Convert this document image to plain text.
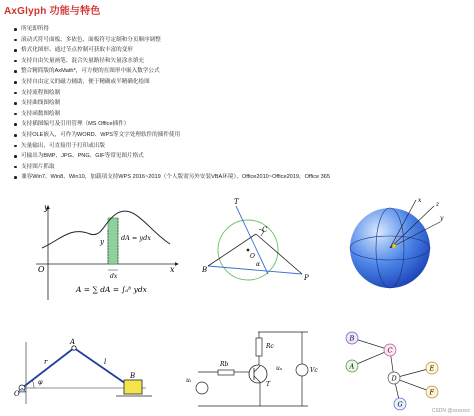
AxGlyph 功能与特色
所见即所得
滚动式符号面板、多依色、面板符号定制和分页顺序调整
格式化图形、通过节点控制可获取丰富的变形
支持自由矢量画笔、混合矢量路径和矢量涂水填充
整合精简版的AxMath*，可方便的在图形中嵌入数学公式
支持自由定义的磁力辅助，便于精确或半精确化绘图
支持流程图绘制
支持曲线图绘制
支持函数图绘制
支持插图编号及引用管理（MS Office插件）
支持OLE嵌入，可作为WORD、WPS等文字处理软件的插件使用
矢量输出，可直接用于打印或出版
可输出为BMP、JPG、PNG、GIF等常见图片格式
支持图片抓取
兼容Win7、Win8、Win10，加载项支持WPS 2016~2019（个人版需另外安装VBA环境），Office2010~Office2019，Office 365
y
x
O
y	dA = ydx
dx
A = ∑ dA = ∫ₐᵇ ydx
T
C
B
P
O
α
z
y
x
A
B
O
r	l
φ
Rb
Rc
T
uᵢ
uₒ	Vc
B
C
A	E
D
F
G
CSDN @xxxxxxx
